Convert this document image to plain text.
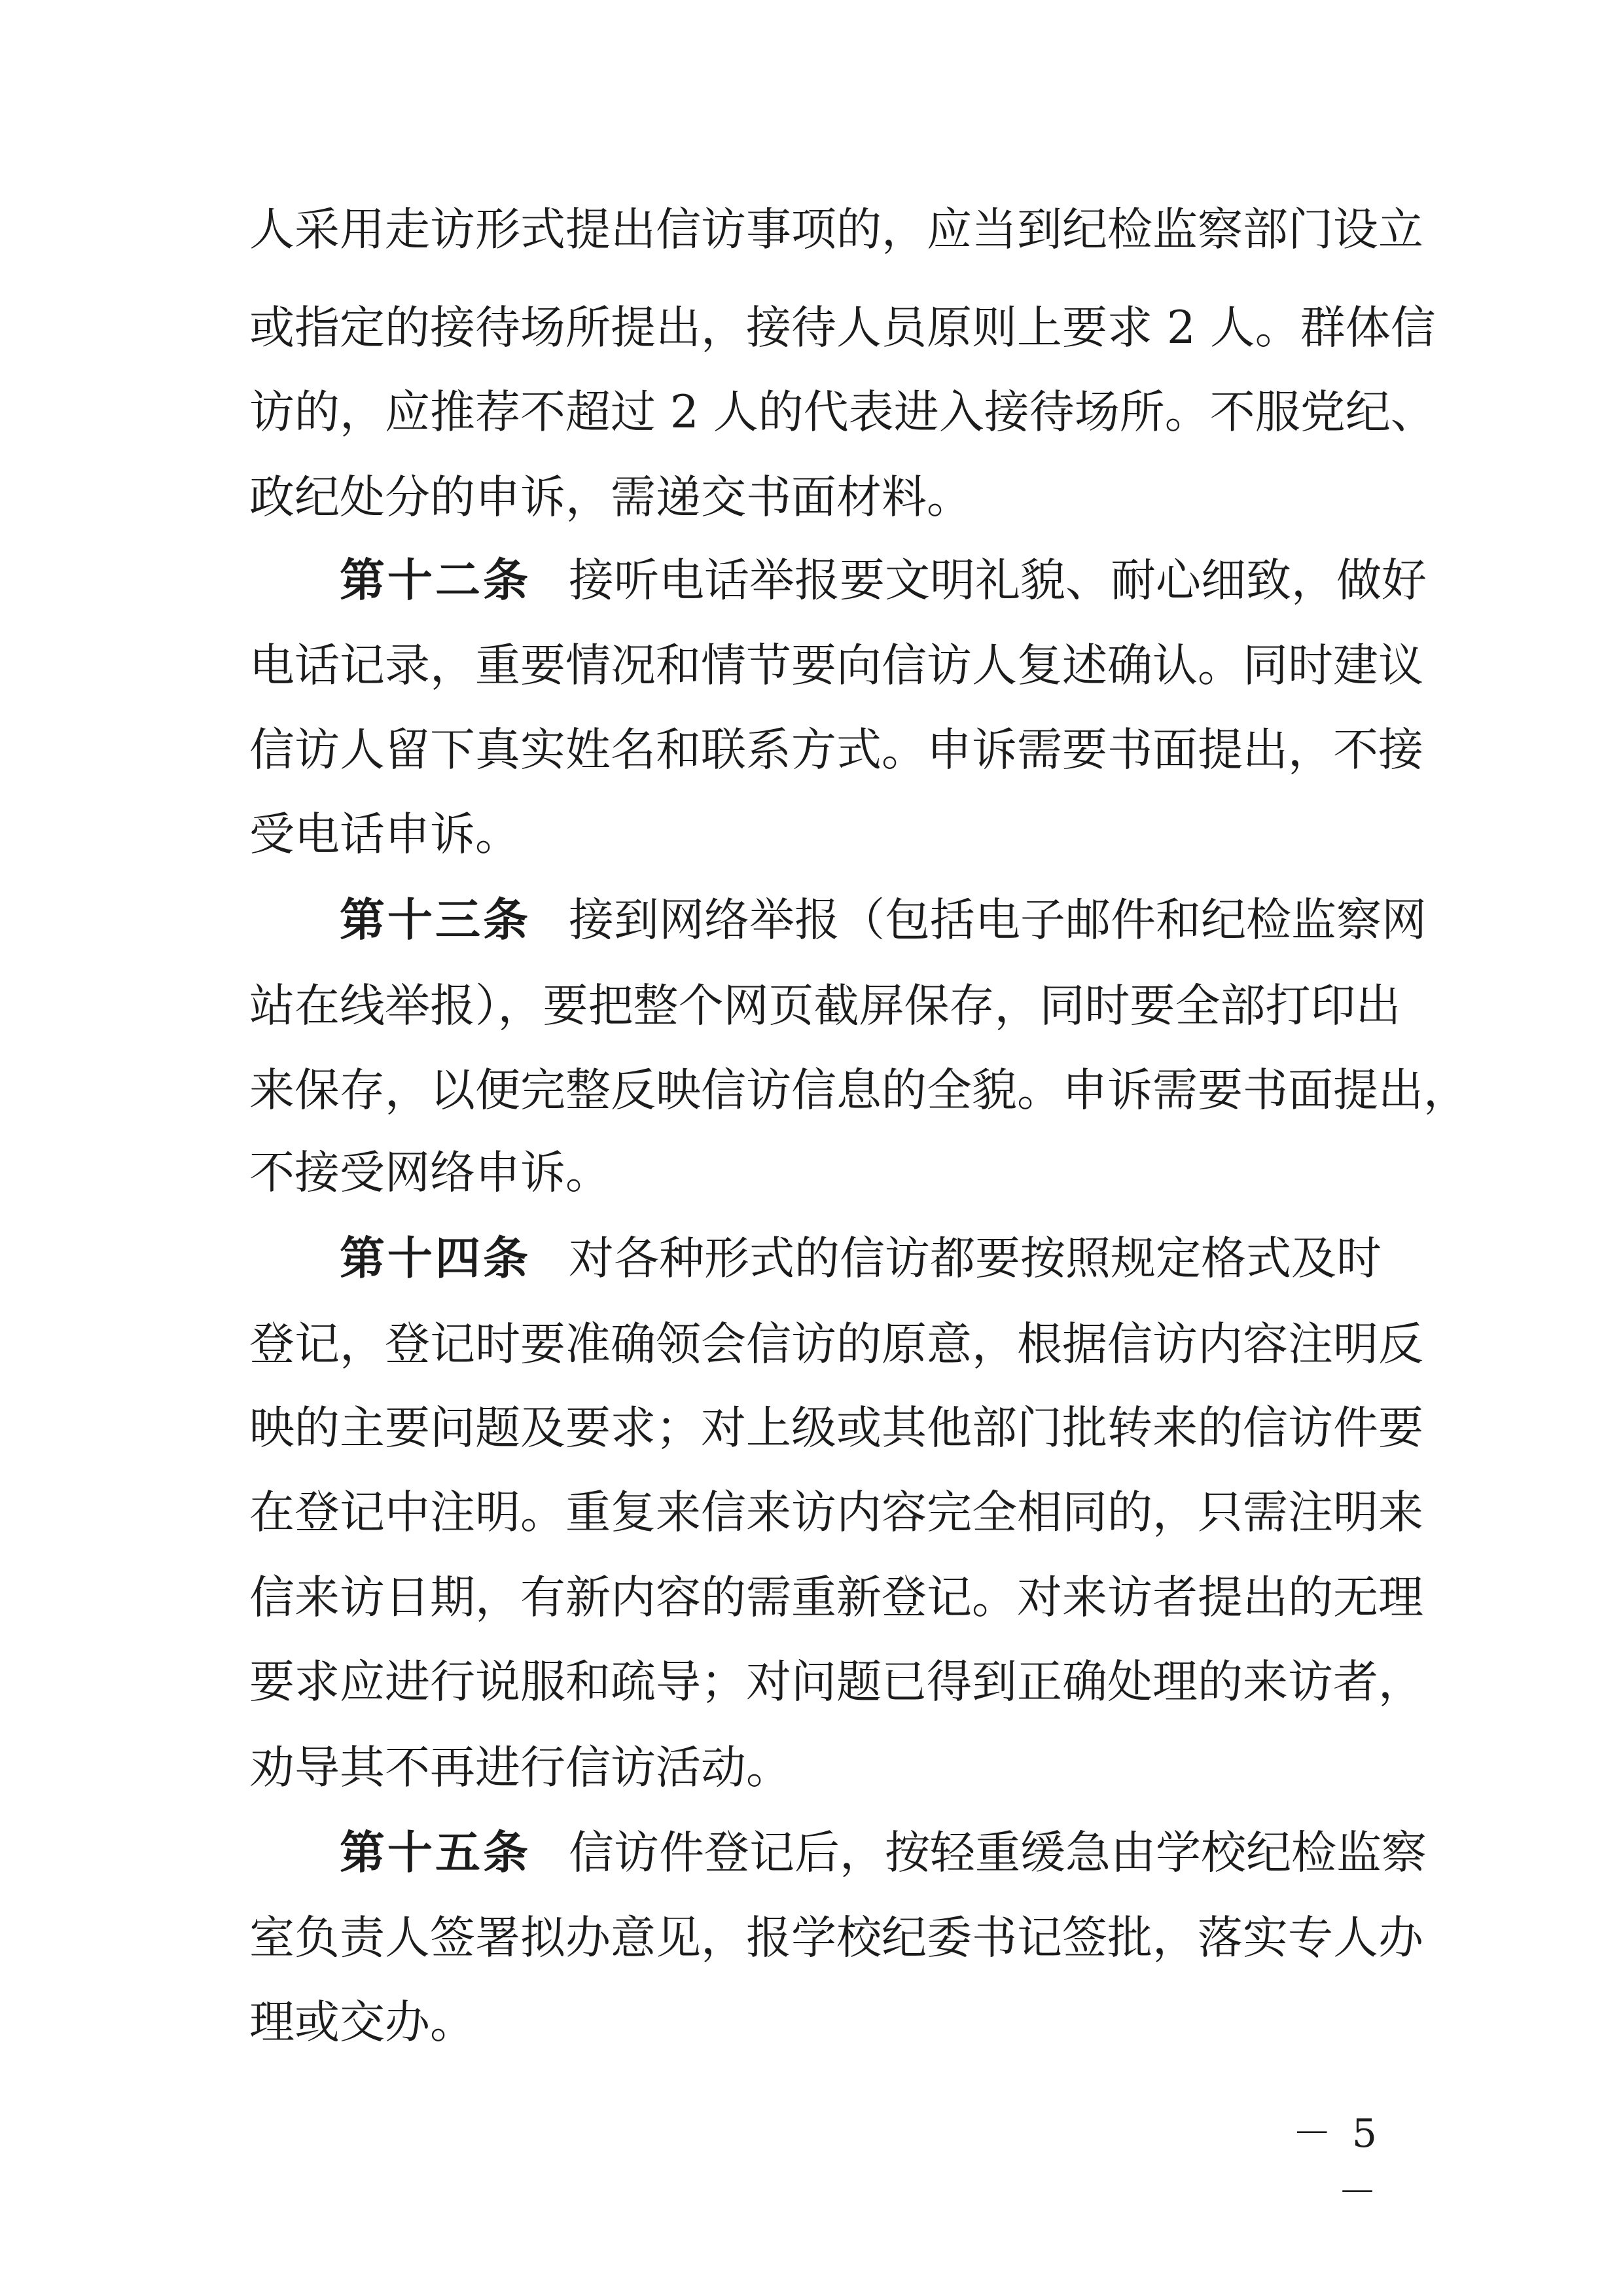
人采用走访形式提出信访事项的，应当到纪检监察部门设立
或指定的接待场所提出，接待人员原则上要求 2 人。群体信
访的，应推荐不超过 2 人的代表进入接待场所。不服党纪、
政纪处分的申诉，需递交书面材料。
第十二条 接听电话举报要文明礼貌、耐心细致，做好
电话记录，重要情况和情节要向信访人复述确认。同时建议
信访人留下真实姓名和联系方式。申诉需要书面提出，不接
受电话申诉。
第十三条 接到网络举报（包括电子邮件和纪检监察网
站在线举报），要把整个网页截屏保存，同时要全部打印出
来保存，以便完整反映信访信息的全貌。申诉需要书面提出，
不接受网络申诉。
第十四条 对各种形式的信访都要按照规定格式及时
登记，登记时要准确领会信访的原意，根据信访内容注明反
映的主要问题及要求；对上级或其他部门批转来的信访件要
在登记中注明。重复来信来访内容完全相同的，只需注明来
信来访日期，有新内容的需重新登记。对来访者提出的无理
要求应进行说服和疏导；对问题已得到正确处理的来访者，
劝导其不再进行信访活动。
第十五条 信访件登记后，按轻重缓急由学校纪检监察
室负责人签署拟办意见，报学校纪委书记签批，落实专人办
理或交办。
－ 5 －
